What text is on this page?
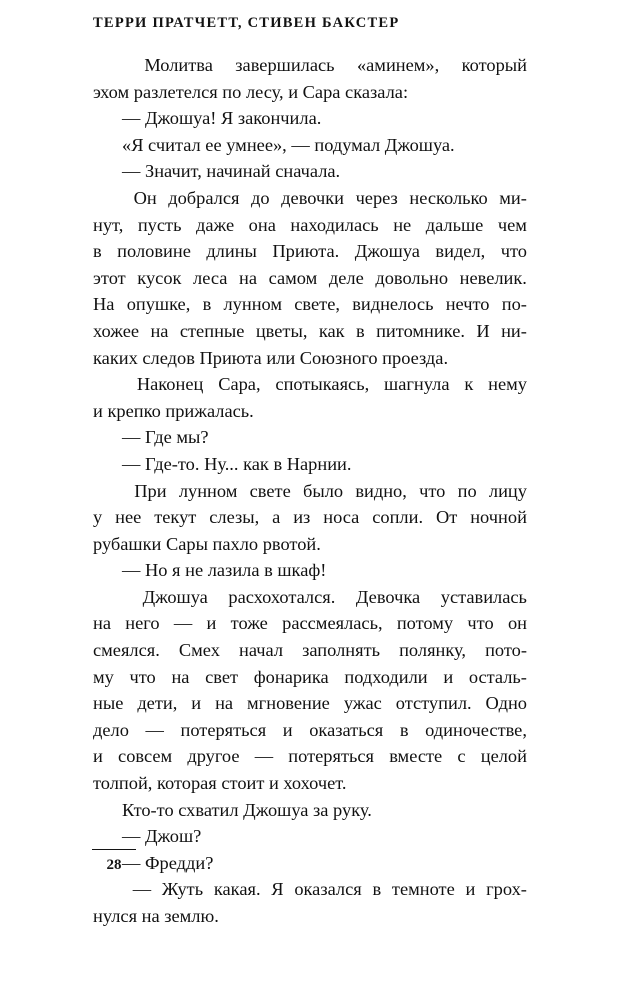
ТЕРРИ ПРАТЧЕТТ, СТИВЕН БАКСТЕР
Молитва завершилась «аминем», который
эхом разлетелся по лесу, и Сара сказала:
— Джошуа! Я закончила.
«Я считал ее умнее», — подумал Джошуа.
— Значит, начинай сначала.
Он добрался до девочки через несколько ми-
нут, пусть даже она находилась не дальше чем
в половине длины Приюта. Джошуа видел, что
этот кусок леса на самом деле довольно невелик.
На опушке, в лунном свете, виднелось нечто по-
хожее на степные цветы, как в питомнике. И ни-
каких следов Приюта или Союзного проезда.
Наконец Сара, спотыкаясь, шагнула к нему
и крепко прижалась.
— Где мы?
— Где-то. Ну... как в Нарнии.
При лунном свете было видно, что по лицу
у нее текут слезы, а из носа сопли. От ночной
рубашки Сары пахло рвотой.
— Но я не лазила в шкаф!
Джошуа расхохотался. Девочка уставилась
на него — и тоже рассмеялась, потому что он
смеялся. Смех начал заполнять полянку, пото-
му что на свет фонарика подходили и осталь-
ные дети, и на мгновение ужас отступил. Одно
дело — потеряться и оказаться в одиночестве,
и совсем другое — потеряться вместе с целой
толпой, которая стоит и хохочет.
Кто-то схватил Джошуа за руку.
— Джош?
— Фредди?
— Жуть какая. Я оказался в темноте и грох-
нулся на землю.
28
